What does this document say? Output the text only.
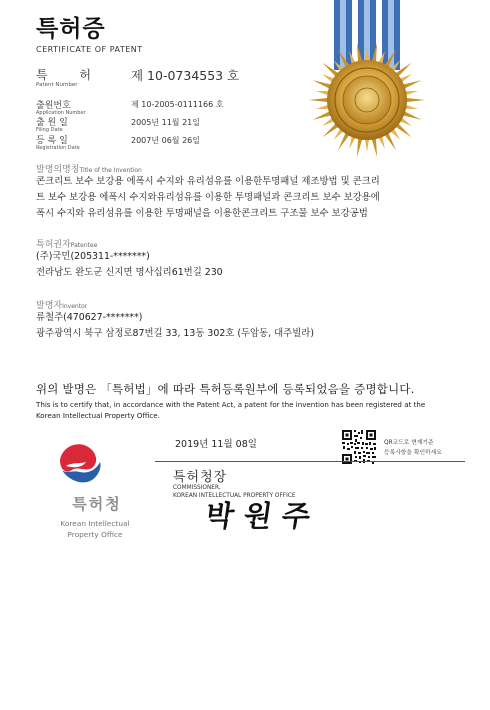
특허증
CERTIFICATE OF PATENT
특 허
Patent Number
제 10-0734553 호
출원번호
Application Number
제 10-2005-0111166 호
출 원 일
Filing Date
2005년 11월 21일
등 록 일
Registration Date
2007년 06월 26일
발명의명칭Title of the Invention
콘크리트 보수 보강용 에폭시 수지와 유리섬유를 이용한투명패널 제조방법 및 콘크리
트 보수 보강용 에폭시 수지와유리섬유를 이용한 투명패널과 콘크리트 보수 보강용에
폭시 수지와 유리섬유를 이용한 투명패널을 이용한콘크리트 구조물 보수 보강공법
특허권자Patentee
(주)국민(205311-*******)
전라남도 완도군 신지면 명사십리61번길 230
발명자Inventor
류철주(470627-*******)
광주광역시 북구 삼정로87번길 33, 13동 302호 (두암동, 대주빌라)
위의 발명은 「특허법」에 따라 특허등록원부에 등록되었음을 증명합니다.
This is to certify that, in accordance with the Patent Act, a patent for the invention has been registered at the
Korean Intellectual Property Office.
2019년 11월 08일	QR코드로 현재기준
등록사항을 확인하세요
특허청장
COMMISSIONER,
KOREAN INTELLECTUAL PROPERTY OFFICE
박 원 주
특허청
Korean Intellectual
Property Office
